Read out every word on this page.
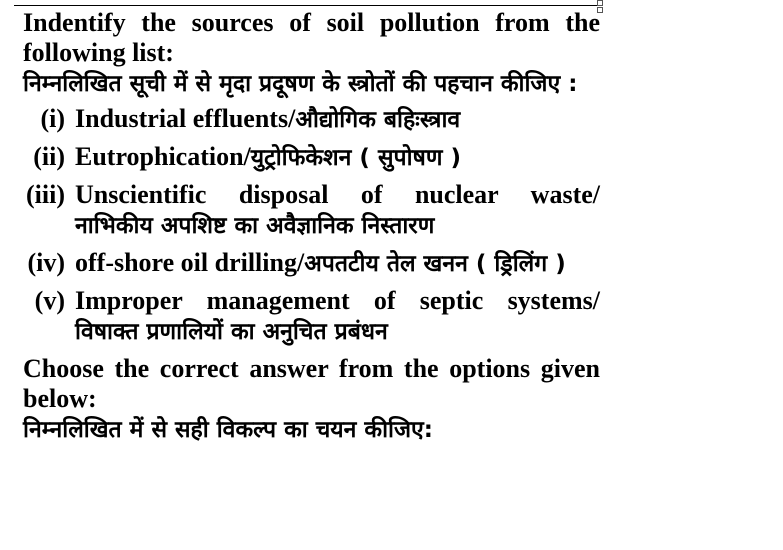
Indentify the sources of soil pollution from the following list:
निम्नलिखित सूची में से मृदा प्रदूषण के स्त्रोतों की पहचान कीजिए :
(i) Industrial effluents/औद्योगिक बहिःस्त्राव
(ii) Eutrophication/युट्रोफिकेशन ( सुपोषण )
(iii) Unscientific disposal of nuclear waste/
नाभिकीय अपशिष्ट का अवैज्ञानिक निस्तारण
(iv) off-shore oil drilling/अपतटीय तेल खनन ( ड्रिलिंग )
(v) Improper management of septic systems/
विषाक्त प्रणालियों का अनुचित प्रबंधन
Choose the correct answer from the options given below:
निम्नलिखित में से सही विकल्प का चयन कीजिए:
